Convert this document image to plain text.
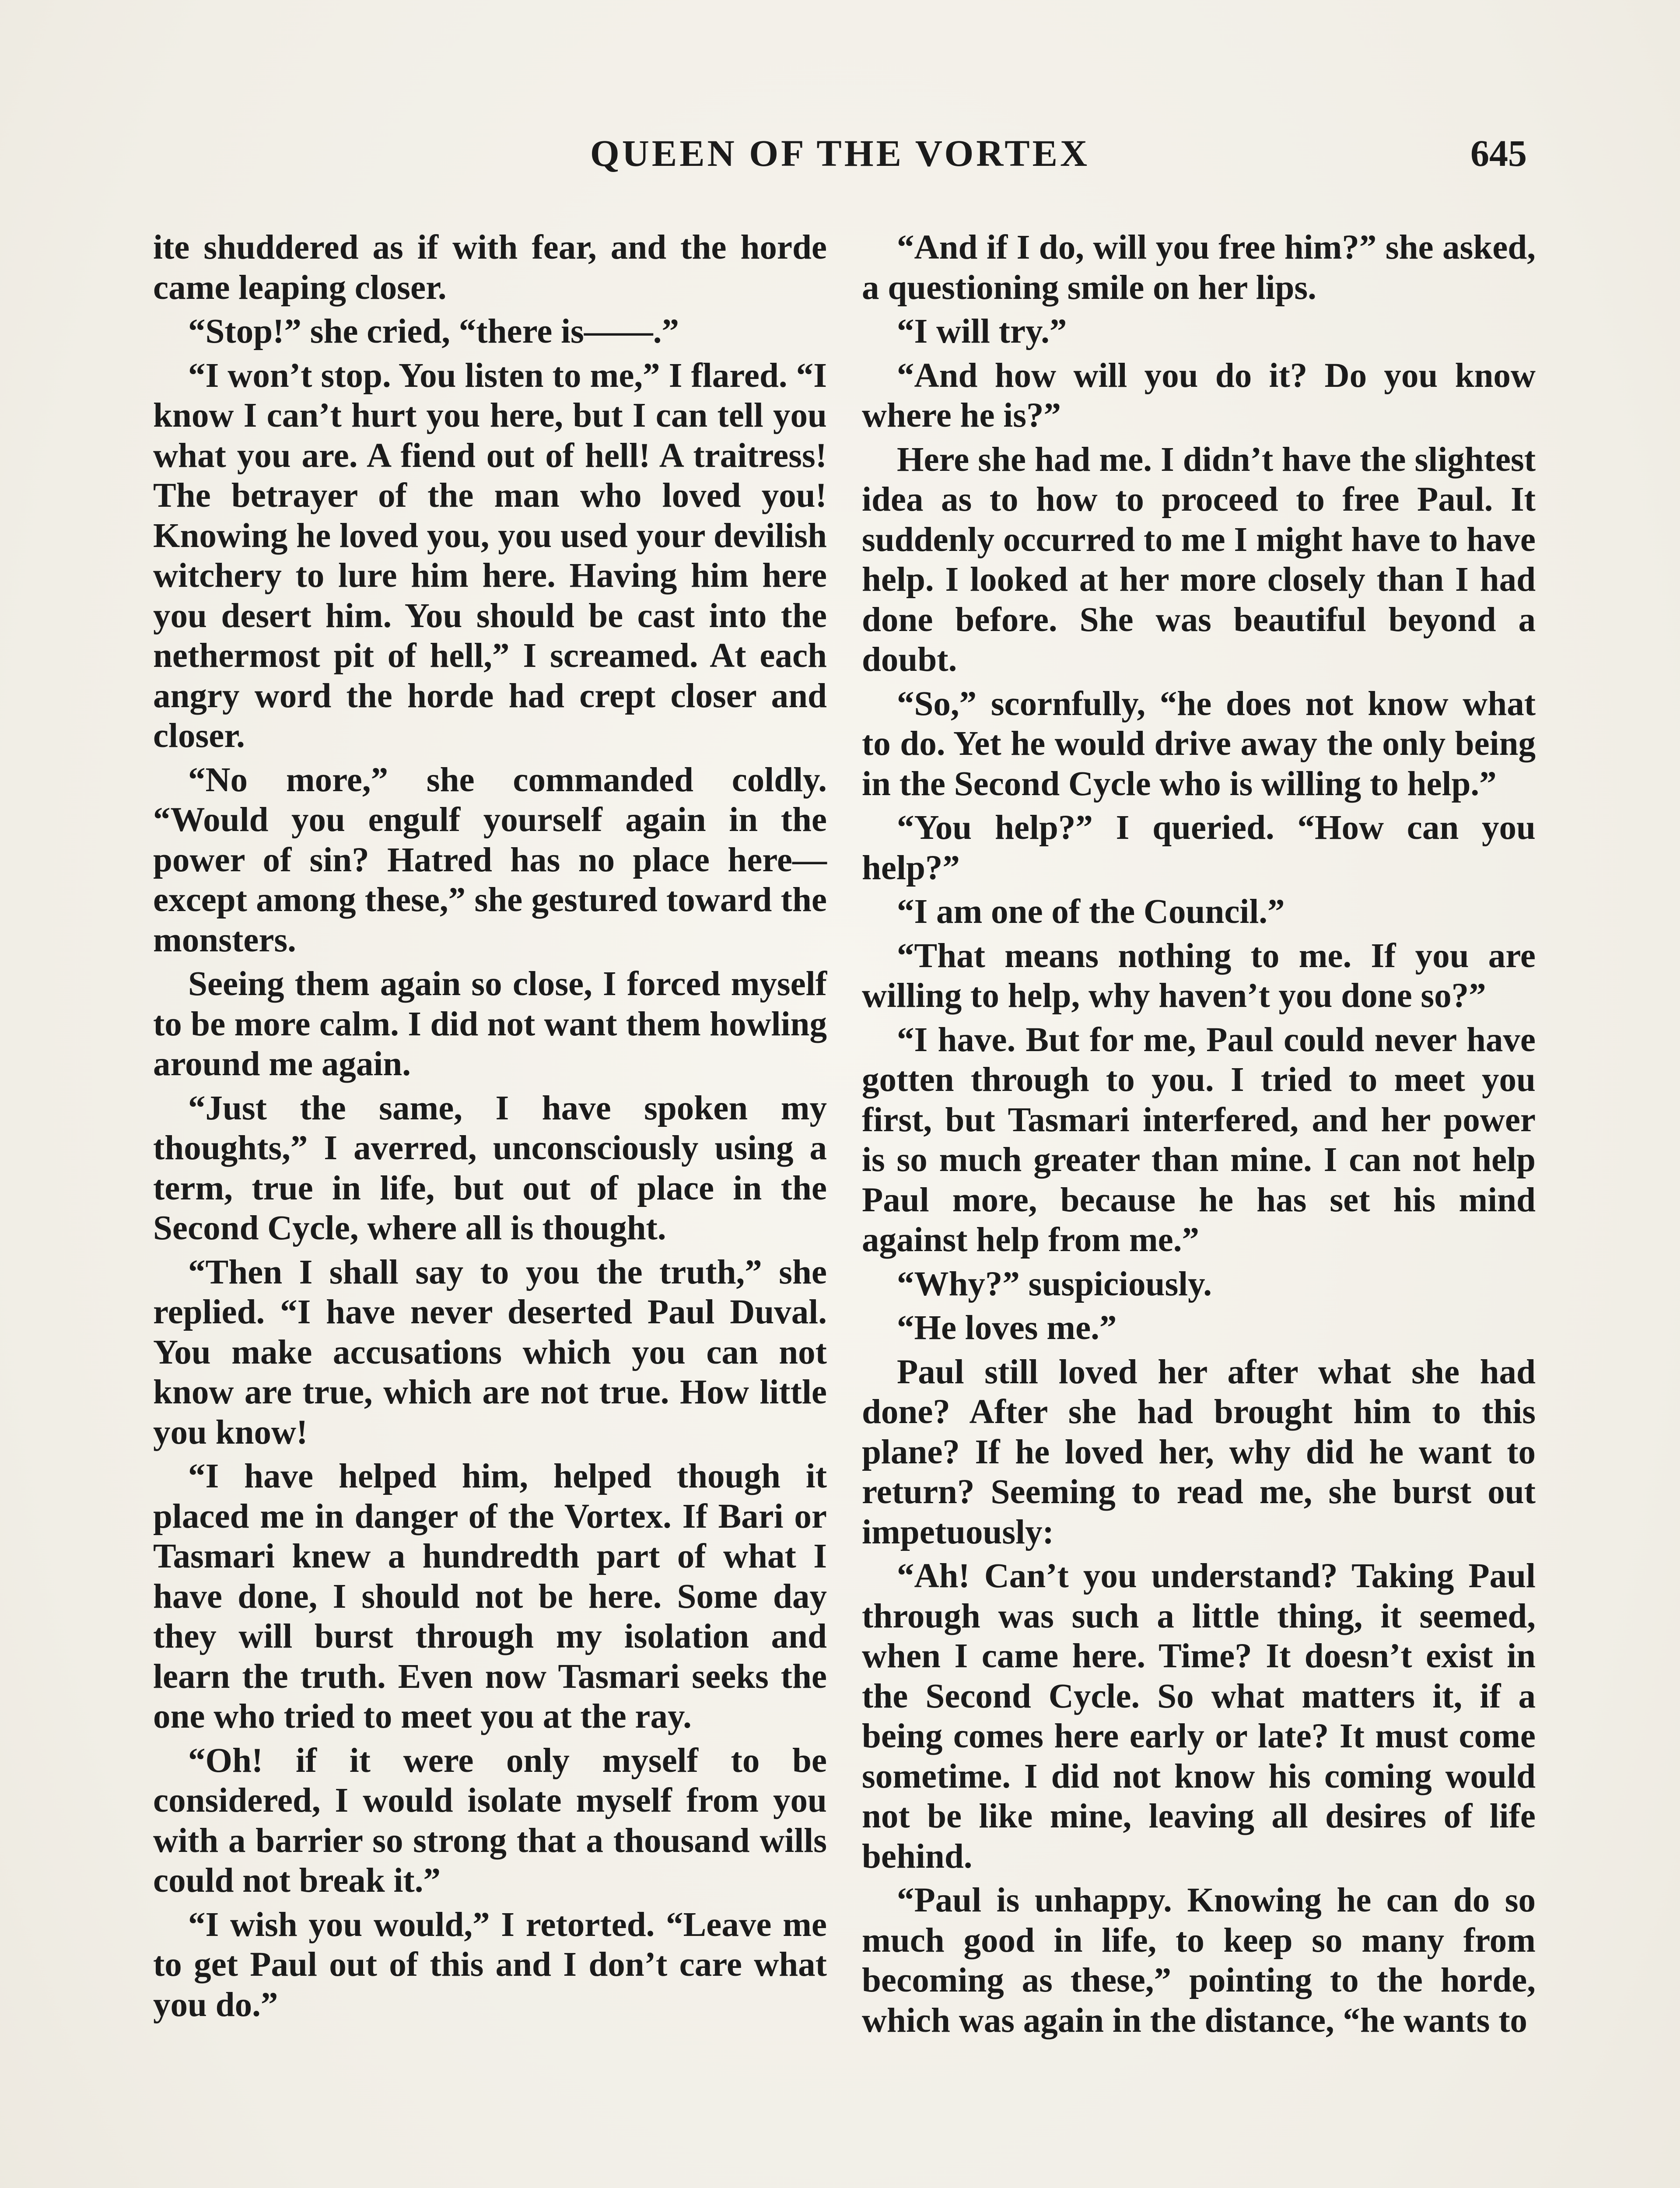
QUEEN OF THE VORTEX	645

ite shuddered as if with fear, and the horde came leaping closer.

“Stop!” she cried, “there is——.”

“I won’t stop. You listen to me,” I flared. “I know I can’t hurt you here, but I can tell you what you are. A fiend out of hell! A traitress! The betrayer of the man who loved you! Knowing he loved you, you used your devilish witchery to lure him here. Having him here you desert him. You should be cast into the nethermost pit of hell,” I screamed. At each angry word the horde had crept closer and closer.

“No more,” she commanded coldly. “Would you engulf yourself again in the power of sin? Hatred has no place here—except among these,” she gestured toward the monsters.

Seeing them again so close, I forced myself to be more calm. I did not want them howling around me again.

“Just the same, I have spoken my thoughts,” I averred, unconsciously using a term, true in life, but out of place in the Second Cycle, where all is thought.

“Then I shall say to you the truth,” she replied. “I have never deserted Paul Duval. You make accusations which you can not know are true, which are not true. How little you know!

“I have helped him, helped though it placed me in danger of the Vortex. If Bari or Tasmari knew a hundredth part of what I have done, I should not be here. Some day they will burst through my isolation and learn the truth. Even now Tasmari seeks the one who tried to meet you at the ray.

“Oh! if it were only myself to be considered, I would isolate myself from you with a barrier so strong that a thousand wills could not break it.”

“I wish you would,” I retorted. “Leave me to get Paul out of this and I don’t care what you do.”

“And if I do, will you free him?” she asked, a questioning smile on her lips.

“I will try.”

“And how will you do it? Do you know where he is?”

Here she had me. I didn’t have the slightest idea as to how to proceed to free Paul. It suddenly occurred to me I might have to have help. I looked at her more closely than I had done before. She was beautiful beyond a doubt.

“So,” scornfully, “he does not know what to do. Yet he would drive away the only being in the Second Cycle who is willing to help.”

“You help?” I queried. “How can you help?”

“I am one of the Council.”

“That means nothing to me. If you are willing to help, why haven’t you done so?”

“I have. But for me, Paul could never have gotten through to you. I tried to meet you first, but Tasmari interfered, and her power is so much greater than mine. I can not help Paul more, because he has set his mind against help from me.”

“Why?” suspiciously.

“He loves me.”

Paul still loved her after what she had done? After she had brought him to this plane? If he loved her, why did he want to return? Seeming to read me, she burst out impetuously:

“Ah! Can’t you understand? Taking Paul through was such a little thing, it seemed, when I came here. Time? It doesn’t exist in the Second Cycle. So what matters it, if a being comes here early or late? It must come sometime. I did not know his coming would not be like mine, leaving all desires of life behind.

“Paul is unhappy. Knowing he can do so much good in life, to keep so many from becoming as these,” pointing to the horde, which was again in the distance, “he wants to
